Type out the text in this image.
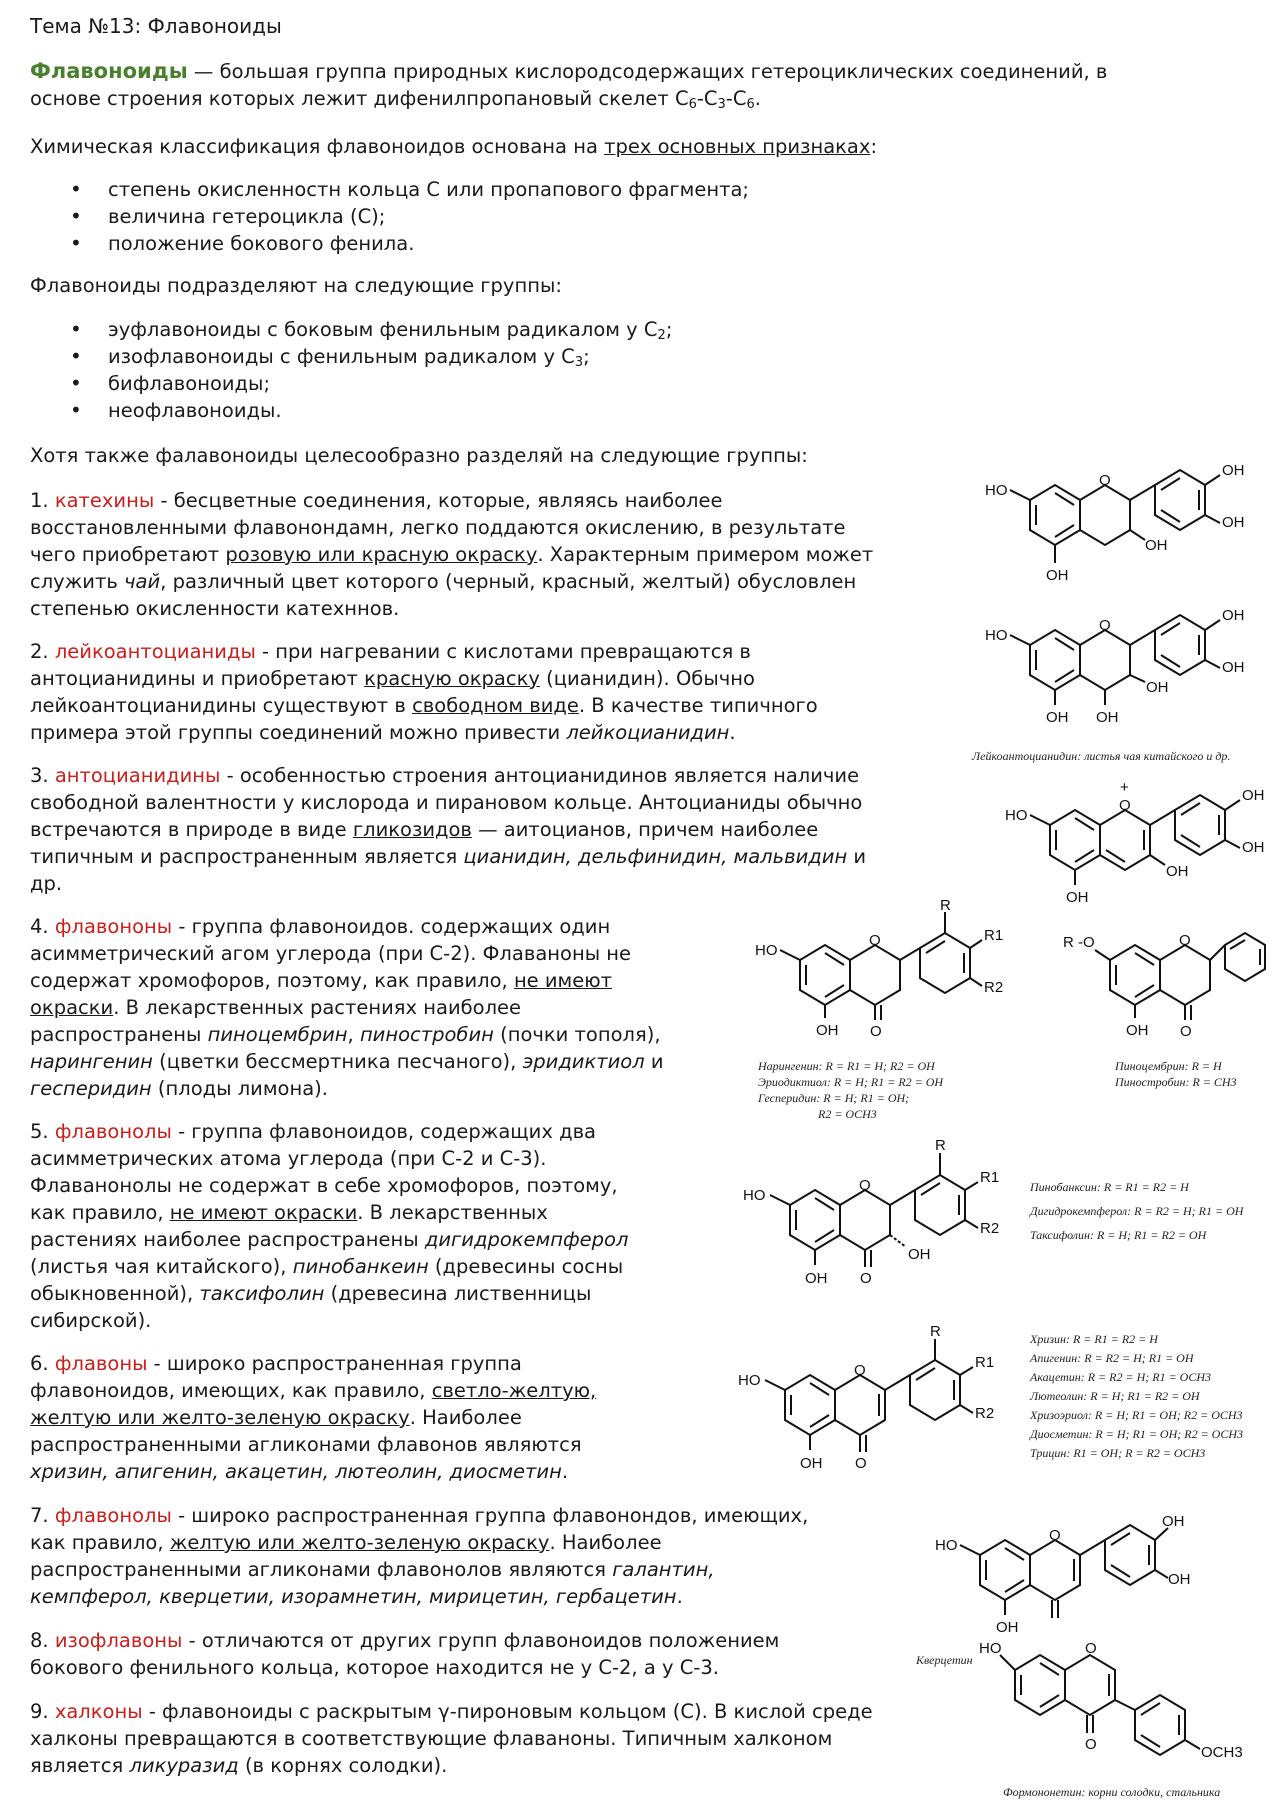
Тема №13: Флавоноиды
Флавоноиды — большая группа природных кислородсодержащих гетероциклических соединений, в
основе строения которых лежит дифенилпропановый скелет $С_6-С_3-С_6$.
Химическая классификация флавоноидов основана на трех основных признаках:
• степень окисленностн кольца С или пропапового фрагмента;
• величина гетероцикла (С);
• положение бокового фенила.
Флавоноиды подразделяют на следующие группы:
• эуфлавоноиды с боковым фенильным радикалом у $С_2$;
• изофлавоноиды с фенильным радикалом у $С_3$;
• бифлавоноиды;
• неофлавоноиды.
Хотя также фалавоноиды целесообразно разделяй на следующие группы:
1. катехины - бесцветные соединения, которые, являясь наиболее
восстановленными флавонондамн, легко поддаются окислению, в результате
чего приобретают розовую или красную окраску. Характерным примером может
служить чай, различный цвет которого (черный, красный, желтый) обусловлен
степенью окисленности катехннов.
2. лейкоантоцианиды - при нагревании с кислотами превращаются в
антоцианидины и приобретают красную окраску (цианидин). Обычно
лейкоантоцианидины существуют в свободном виде. В качестве типичного
примера этой группы соединений можно привести лейкоцианидин.
3. антоцианидины - особенностью строения антоцианидинов является наличие
свободной валентности у кислорода и пирановом кольце. Антоцианиды обычно
встречаются в природе в виде гликозидов — аитоцианов, причем наиболее
типичным и распространенным является цианидин, дельфинидин, мальвидин и
др.
4. флавононы - группа флавоноидов. содержащих один
асимметрический агом углерода (при С-2). Флаваноны не
содержат хромофоров, поэтому, как правило, не имеют
окраски. В лекарственных растениях наиболее
распространены пиноцембрин, пиностробин (почки тополя),
нарингенин (цветки бессмертника песчаного), эридиктиол и
гесперидин (плоды лимона).
5. флавонолы - группа флавоноидов, содержащих два
асимметрических атома углерода (при С-2 и С-3).
Флаванонолы не содержат в себе хромофоров, поэтому,
как правило, не имеют окраски. В лекарственных
растениях наиболее распространены дигидрокемпферол
(листья чая китайского), пинобанкеин (древесины сосны
обыкновенной), таксифолин (древесина лиственницы
сибирской).
6. флавоны - широко распространенная группа
флавоноидов, имеющих, как правило, светло-желтую,
желтую или желто-зеленую окраску. Наиболее
распространенными агликонами флавонов являются
хризин, апигенин, акацетин, лютеолин, диосметин.
7. флавонолы - широко распространенная группа флавонондов, имеющих,
как правило, желтую или желто-зеленую окраску. Наиболее
распространенными агликонами флавонолов являются галантин,
кемпферол, кверцетии, изорамнетин, мирицетин, гербацетин.
8. изофлавоны - отличаются от других групп флавоноидов положением
бокового фенильного кольца, которое находится не у С-2, а у С-3.
9. халконы - флавоноиды с раскрытым γ-пироновым кольцом (С). В кислой среде
халконы превращаются в соответствующие флаваноны. Типичным халконом
является ликуразид (в корнях солодки).
HO
O
OH
OH
OH
OH
HO
O
OH OH
OH
OH
OH
Лейкоантоцианидин: листья чая китайского и др.
HO
O
+
OH
OH
OH
OH
HO
O
O
OH
R
R1
R2
Нарингенин: R = R1 = H; R2 = OH
Эриодиктиол: R = H; R1 = R2 = OH
Гесперидин: R = H; R1 = OH;
R2 = OCH3
R -O	O
O
OH
Пиноцембрин: R = H
Пиностробин: R = CH3
HO
O
O
OH
OH
R
R1
R2
Пинобанксин: R = R1 = R2 = H
Дигидрокемпферол: R = R2 = H; R1 = OH
Таксифолин: R = H; R1 = R2 = OH
HO
O
O
OH
R
R1
R2
Хризин: R = R1 = R2 = H
Апигенин: R = R2 = H; R1 = OH
Акацетин: R = R2 = H; R1 = OCH3
Лютеолин: R = H; R1 = R2 = OH
Хризоэриол: R = H; R1 = OH; R2 = OCH3
Диосметин: R = H; R1 = OH; R2 = OCH3
Трицин: R1 = OH; R = R2 = OCH3
HO
O
OH
OH
OH
Кверцетин
HO	O
O	OCH3
Формононетин: корни солодки, стальника
